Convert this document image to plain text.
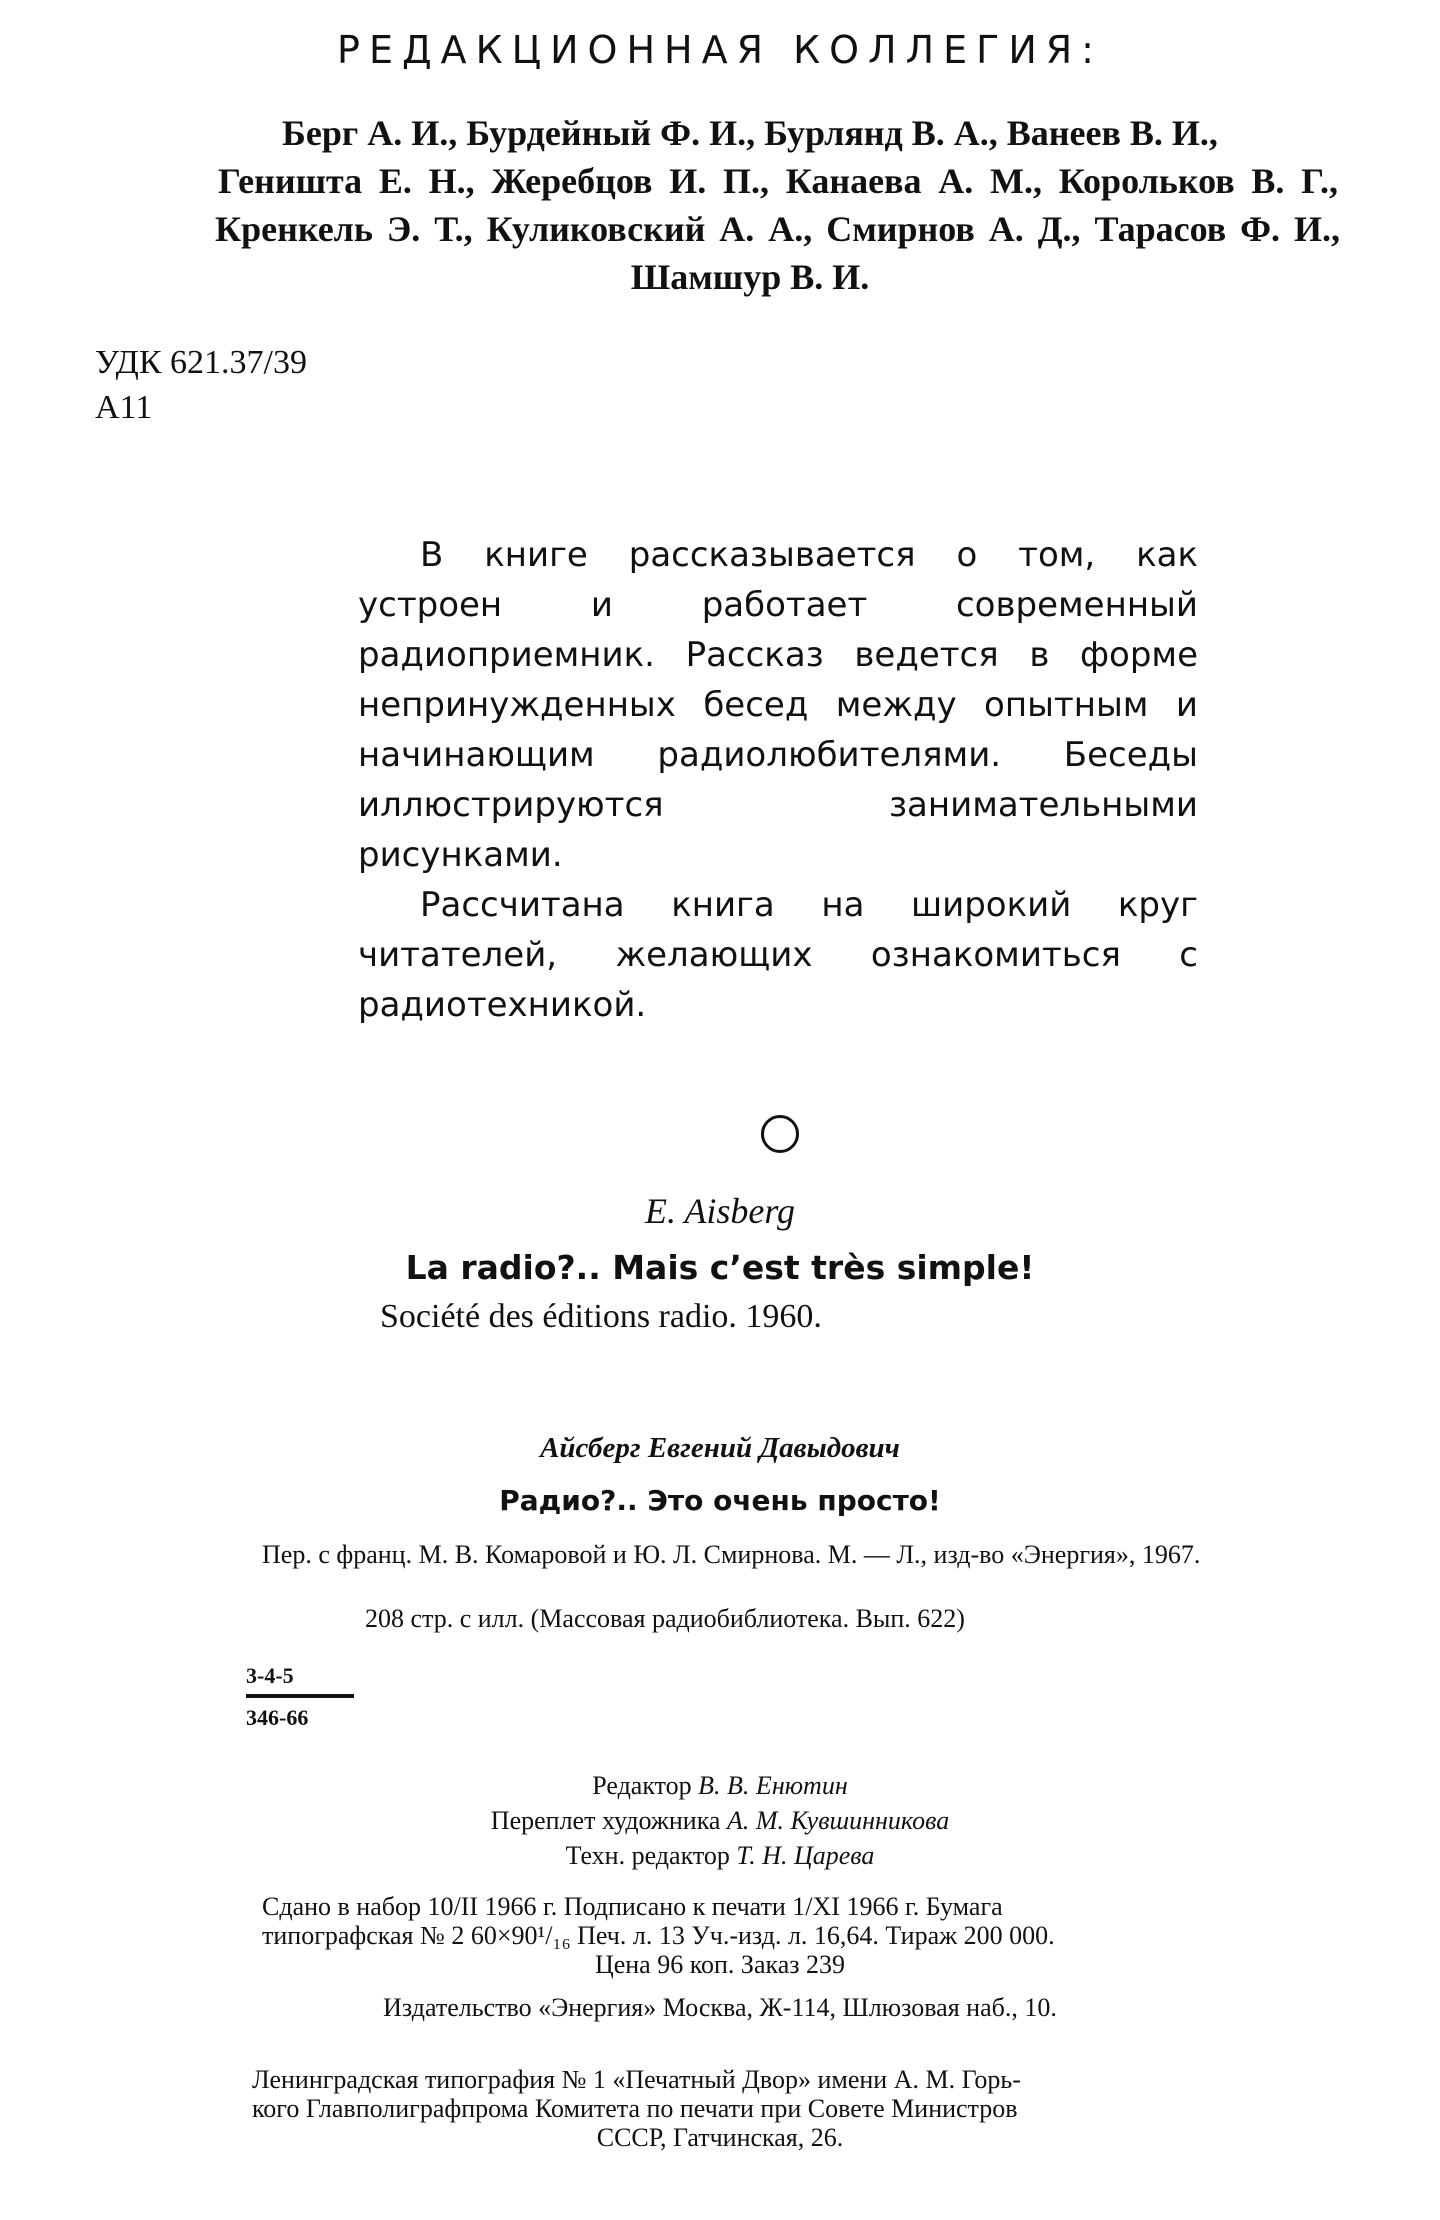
РЕДАКЦИОННАЯ КОЛЛЕГИЯ:
Берг А. И., Бурдейный Ф. И., Бурлянд В. А., Ванеев В. И.,
Геништа Е. Н., Жеребцов И. П., Канаева А. М., Корольков В. Г.,
Кренкель Э. Т., Куликовский А. А., Смирнов А. Д., Тарасов Ф. И.,
Шамшур В. И.
УДК 621.37/39
А11

В книге рассказывается о том, как устроен и работает современный радиоприемник. Рассказ ведется в форме непринужденных бесед между опытным и начинающим радиолюбителями. Беседы иллюстрируются занимательными рисунками.

Рассчитана книга на широкий круг читателей, желающих ознакомиться с радиотехникой.

E. Aisberg
La radio?.. Mais c’est très simple!
Société des éditions radio. 1960.
Айсберг Евгений Давыдович
Радио?.. Это очень просто!
Пер. с франц. М. В. Комаровой и Ю. Л. Смирнова. М. — Л., изд-во «Энергия», 1967.
208 стр. с илл. (Массовая радиобиблиотека. Вып. 622)
3-4-5
346-66
Редактор В. В. Енютин
Переплет художника А. М. Кувшинникова
Техн. редактор Т. Н. Царева
Сдано в набор 10/II 1966 г. Подписано к печати 1/XI 1966 г. Бумага
типографская № 2 60×90¹/₁₆ Печ. л. 13 Уч.-изд. л. 16,64. Тираж 200 000.
Цена 96 коп. Заказ 239
Издательство «Энергия» Москва, Ж-114, Шлюзовая наб., 10.
Ленинградская типография № 1 «Печатный Двор» имени А. М. Горь-
кого Главполиграфпрома Комитета по печати при Совете Министров
СССР, Гатчинская, 26.
